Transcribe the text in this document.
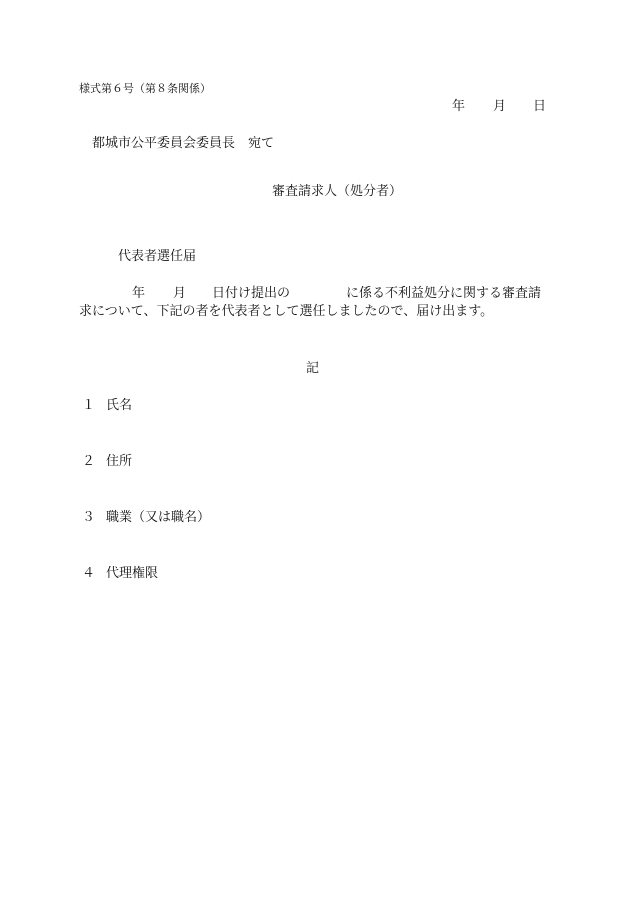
様式第６号（第８条関係）
年 月 日
都城市公平委員会委員長　宛て
審査請求人（処分者）
代表者選任届
年 月 日付け提出の	に係る不利益処分に関する審査請
求について、下記の者を代表者として選任しましたので、届け出ます。
記
１ 氏名
２ 住所
３ 職業（又は職名）
４ 代理権限
